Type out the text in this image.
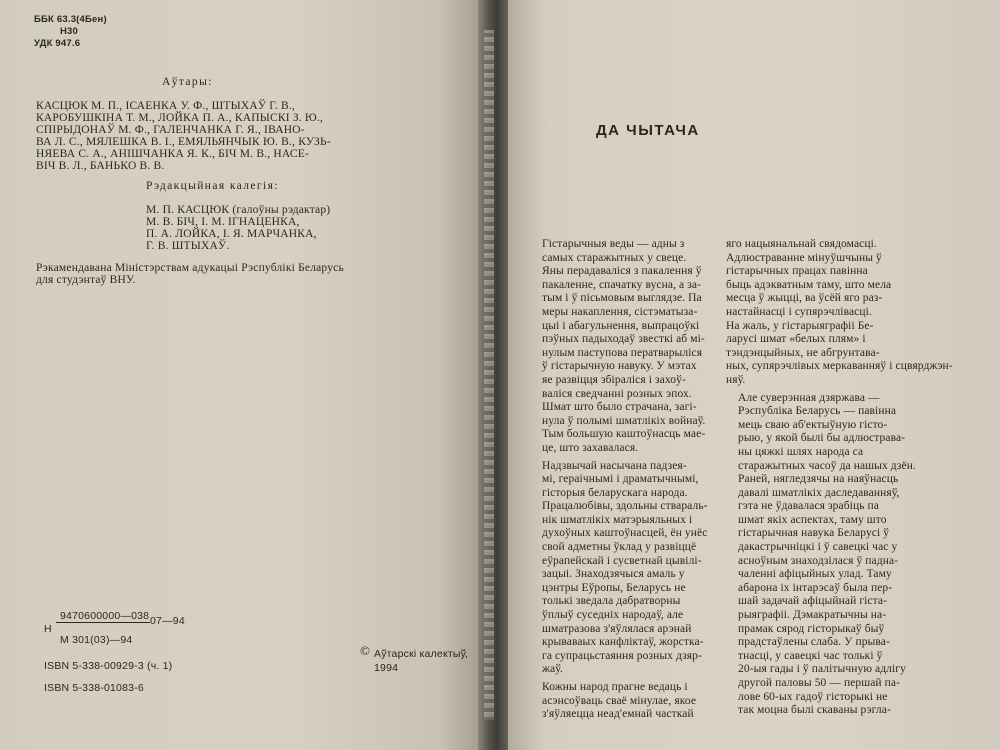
ББК 63.3(4Бен)
Н30
УДК 947.6
Аўтары:
КАСЦЮК М. П., ІСАЕНКА У. Ф., ШТЫХАЎ Г. В.,
КАРОБУШКІНА Т. М., ЛОЙКА П. А., КАПЫСКІ З. Ю.,
СПІРЫДОНАЎ М. Ф., ГАЛЕНЧАНКА Г. Я., ІВАНО-
ВА Л. С., МЯЛЕШКА В. І., ЕМЯЛЬЯНЧЫК Ю. В., КУЗЬ-
НЯЕВА С. А., АНІШЧАНКА Я. К., БІЧ М. В., НАСЕ-
ВІЧ В. Л., БАНЬКО В. В.
Рэдакцыйная калегія:
М. П. КАСЦЮК (галоўны рэдактар)
М. В. БІЧ, І. М. ІГНАЦЕНКА,
П. А. ЛОЙКА, І. Я. МАРЧАНКА,
Г. В. ШТЫХАЎ.
Рэкамендавана Міністэрствам адукацыі Рэспублікі Беларусь
для студэнтаў ВНУ.
9470600000—038
Н
07—94
М 301(03)—94
ISBN 5-338-00929-3 (ч. 1)
ISBN 5-338-01083-6
© Аўтарскі калектыў,
1994
ДА ЧЫТАЧА

Гістарычныя веды — адны з
самых старажытных у свеце.
Яны перадаваліся з пакалення ў
пакаленне, спачатку вусна, а за-
тым і ў пісьмовым выглядзе. Па
меры накаплення, сістэматыза-
цыі і абагульнення, выпрацоўкі
пэўных падыходаў звесткі аб мі-
нулым паступова ператварыліся
ў гістарычную навуку. У мэтах
яе развіцця збіраліся і захоў-
валіся сведчанні розных эпох.
Шмат што было страчана, загі-
нула ў полымі шматлікіх войнаў.
Тым большую каштоўнасць мае-
це, што захавалася.

Надзвычай насычана падзея-
мі, гераічнымі і драматычнымі,
гісторыя беларускага народа.
Працалюбівы, здольны ствараль-
нік шматлікіх матэрыяльных і
духоўных каштоўнасцей, ён унёс
свой адметны ўклад у развіццё
еўрапейскай і сусветнай цывілі-
зацыі. Знаходзячыся амаль у
цэнтры Еўропы, Беларусь не
толькі зведала дабратворны
ўплыў суседніх народаў, але
шматразова з'яўлялася арэнай
крываваых канфліктаў, жорстка-
га супрацьстаяння розных дзяр-
жаў.

Кожны народ прагне ведаць і
асэнсоўваць сваё мінулае, якое
з'яўляецца неад'емнай часткай

яго нацыянальнай свядомасці.
Адлюстраванне мінуўшчыны ў
гістарычных працах павінна
быць адэкватным таму, што мела
месца ў жыцці, ва ўсёй яго раз-
настайнасці і супярэчлівасці.
На жаль, у гістарыяграфіі Бе-
ларусі шмат «белых плям» і
тэндэнцыйных, не абгрунтава-
ных, супярэчлівых меркаванняў і сцвярджэн-
няў.

Але суверэнная дзяржава —
Рэспубліка Беларусь — павінна
мець сваю аб'ектыўную гісто-
рыю, у якой былі бы адлюстрава-
ны цяжкі шлях народа са
старажытных часоў да нашых дзён.
Раней, нягледзячы на наяўнасць
давалі шматлікіх даследаванняў,
гэта не ўдавалася зрабіць па
шмат якіх аспектах, таму што
гістарычная навука Беларусі ў
дакастрычніцкі і ў савецкі час у
асноўным знаходзілася ў падна-
чаленні афіцыйных улад. Таму
абарона іх інтарэсаў была пер-
шай задачай афіцыйнай гіста-
рыяграфіі. Дэмакратычны на-
прамак сярод гісторыкаў быў
прадстаўлены слаба. У прыва-
тнасці, у савецкі час толькі ў
20-ыя гады і ў палітычную адлігу
другой паловы 50 — першай па-
лове 60-ых гадоў гісторыкі не
так моцна былі скаваны рэгла-
